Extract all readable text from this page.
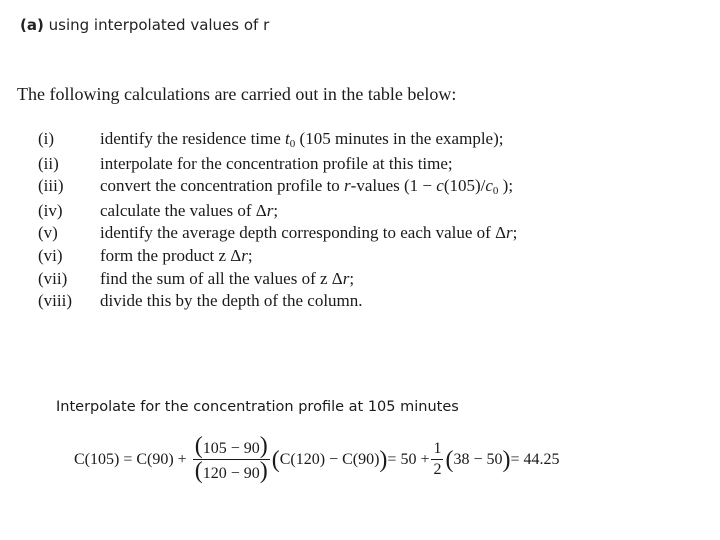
(a) using interpolated values of r
The following calculations are carried out in the table below:
(i)	identify the residence time t0 (105 minutes in the example);
(ii)	interpolate for the concentration profile at this time;
(iii)	convert the concentration profile to r-values (1 − c(105)/c0 );
(iv)	calculate the values of Δr;
(v)	identify the average depth corresponding to each value of Δr;
(vi)	form the product z Δr;
(vii)	find the sum of all the values of z Δr;
(viii)	divide this by the depth of the column.
Interpolate for the concentration profile at 105 minutes
$C(105) = C(90) + \frac{(105 - 90)}{(120 - 90)}$ ( C(120) − C(90) ) = $50 + \frac{1}{2}$ ( 38 − 50 ) = 44.25
